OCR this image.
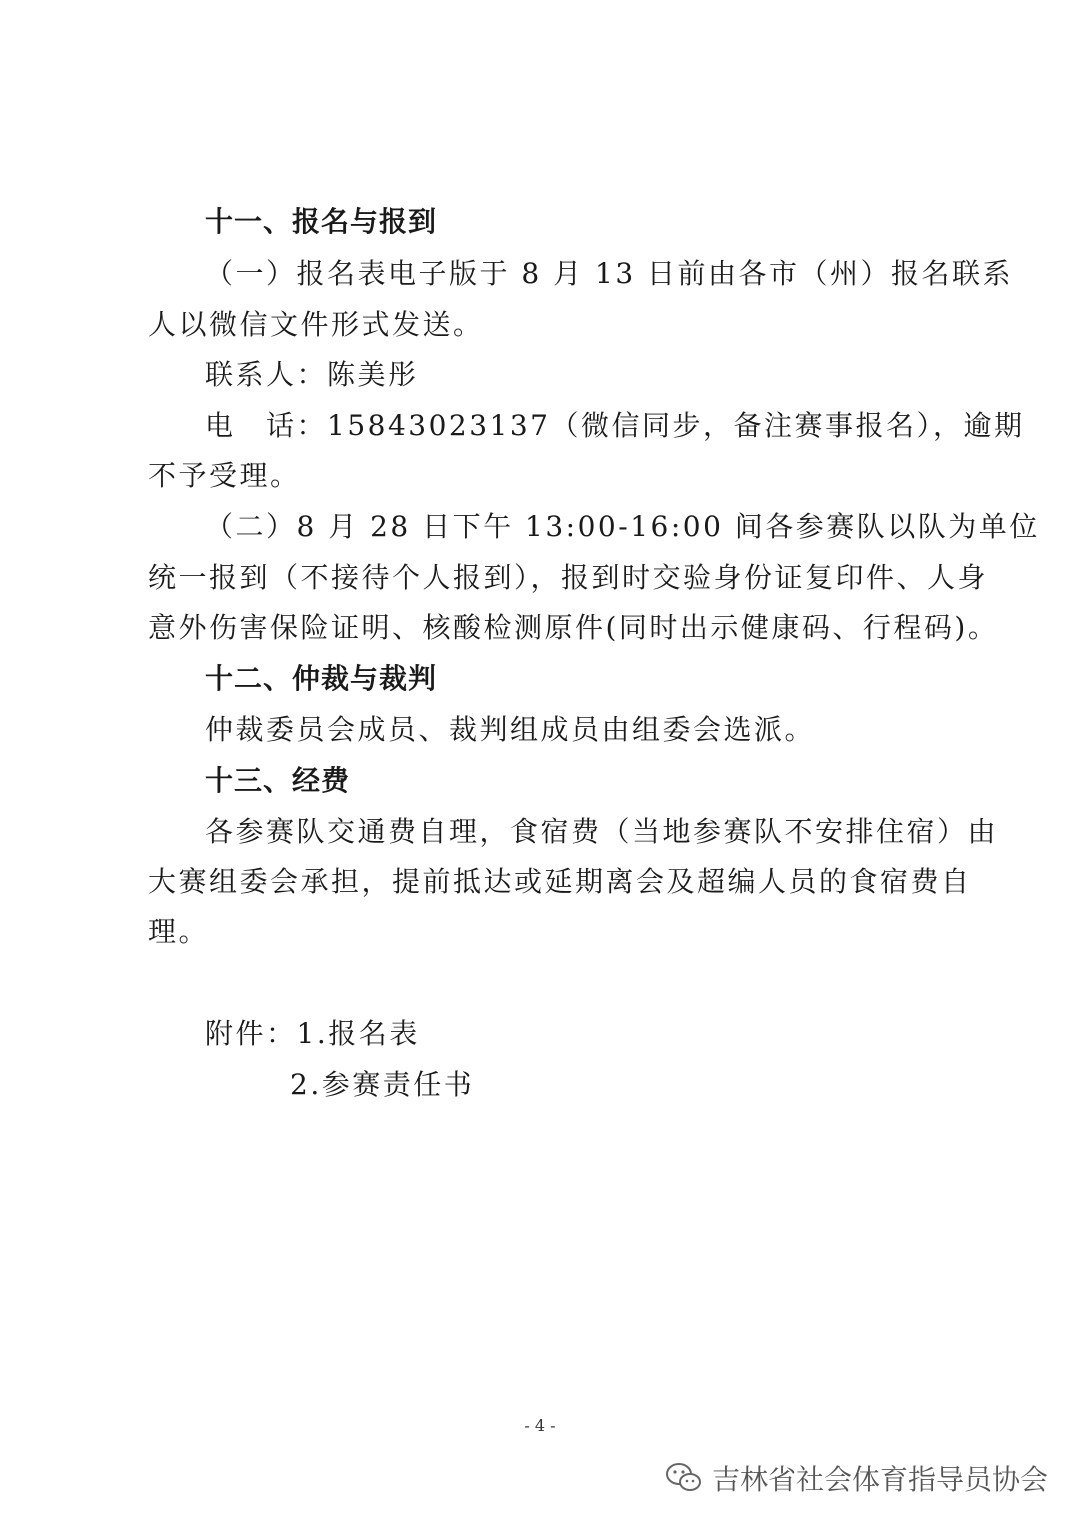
十一、报名与报到
（一）报名表电子版于 8 月 13 日前由各市（州）报名联系
人以微信文件形式发送。
联系人：陈美彤
电　话：15843023137（微信同步，备注赛事报名），逾期
不予受理。
（二）8 月 28 日下午 13:00-16:00 间各参赛队以队为单位
统一报到（不接待个人报到），报到时交验身份证复印件、人身
意外伤害保险证明、核酸检测原件(同时出示健康码、行程码)。
十二、仲裁与裁判
仲裁委员会成员、裁判组成员由组委会选派。
十三、经费
各参赛队交通费自理，食宿费（当地参赛队不安排住宿）由
大赛组委会承担，提前抵达或延期离会及超编人员的食宿费自
理。
附件：1.报名表
2.参赛责任书
- 4 -
吉林省社会体育指导员协会
